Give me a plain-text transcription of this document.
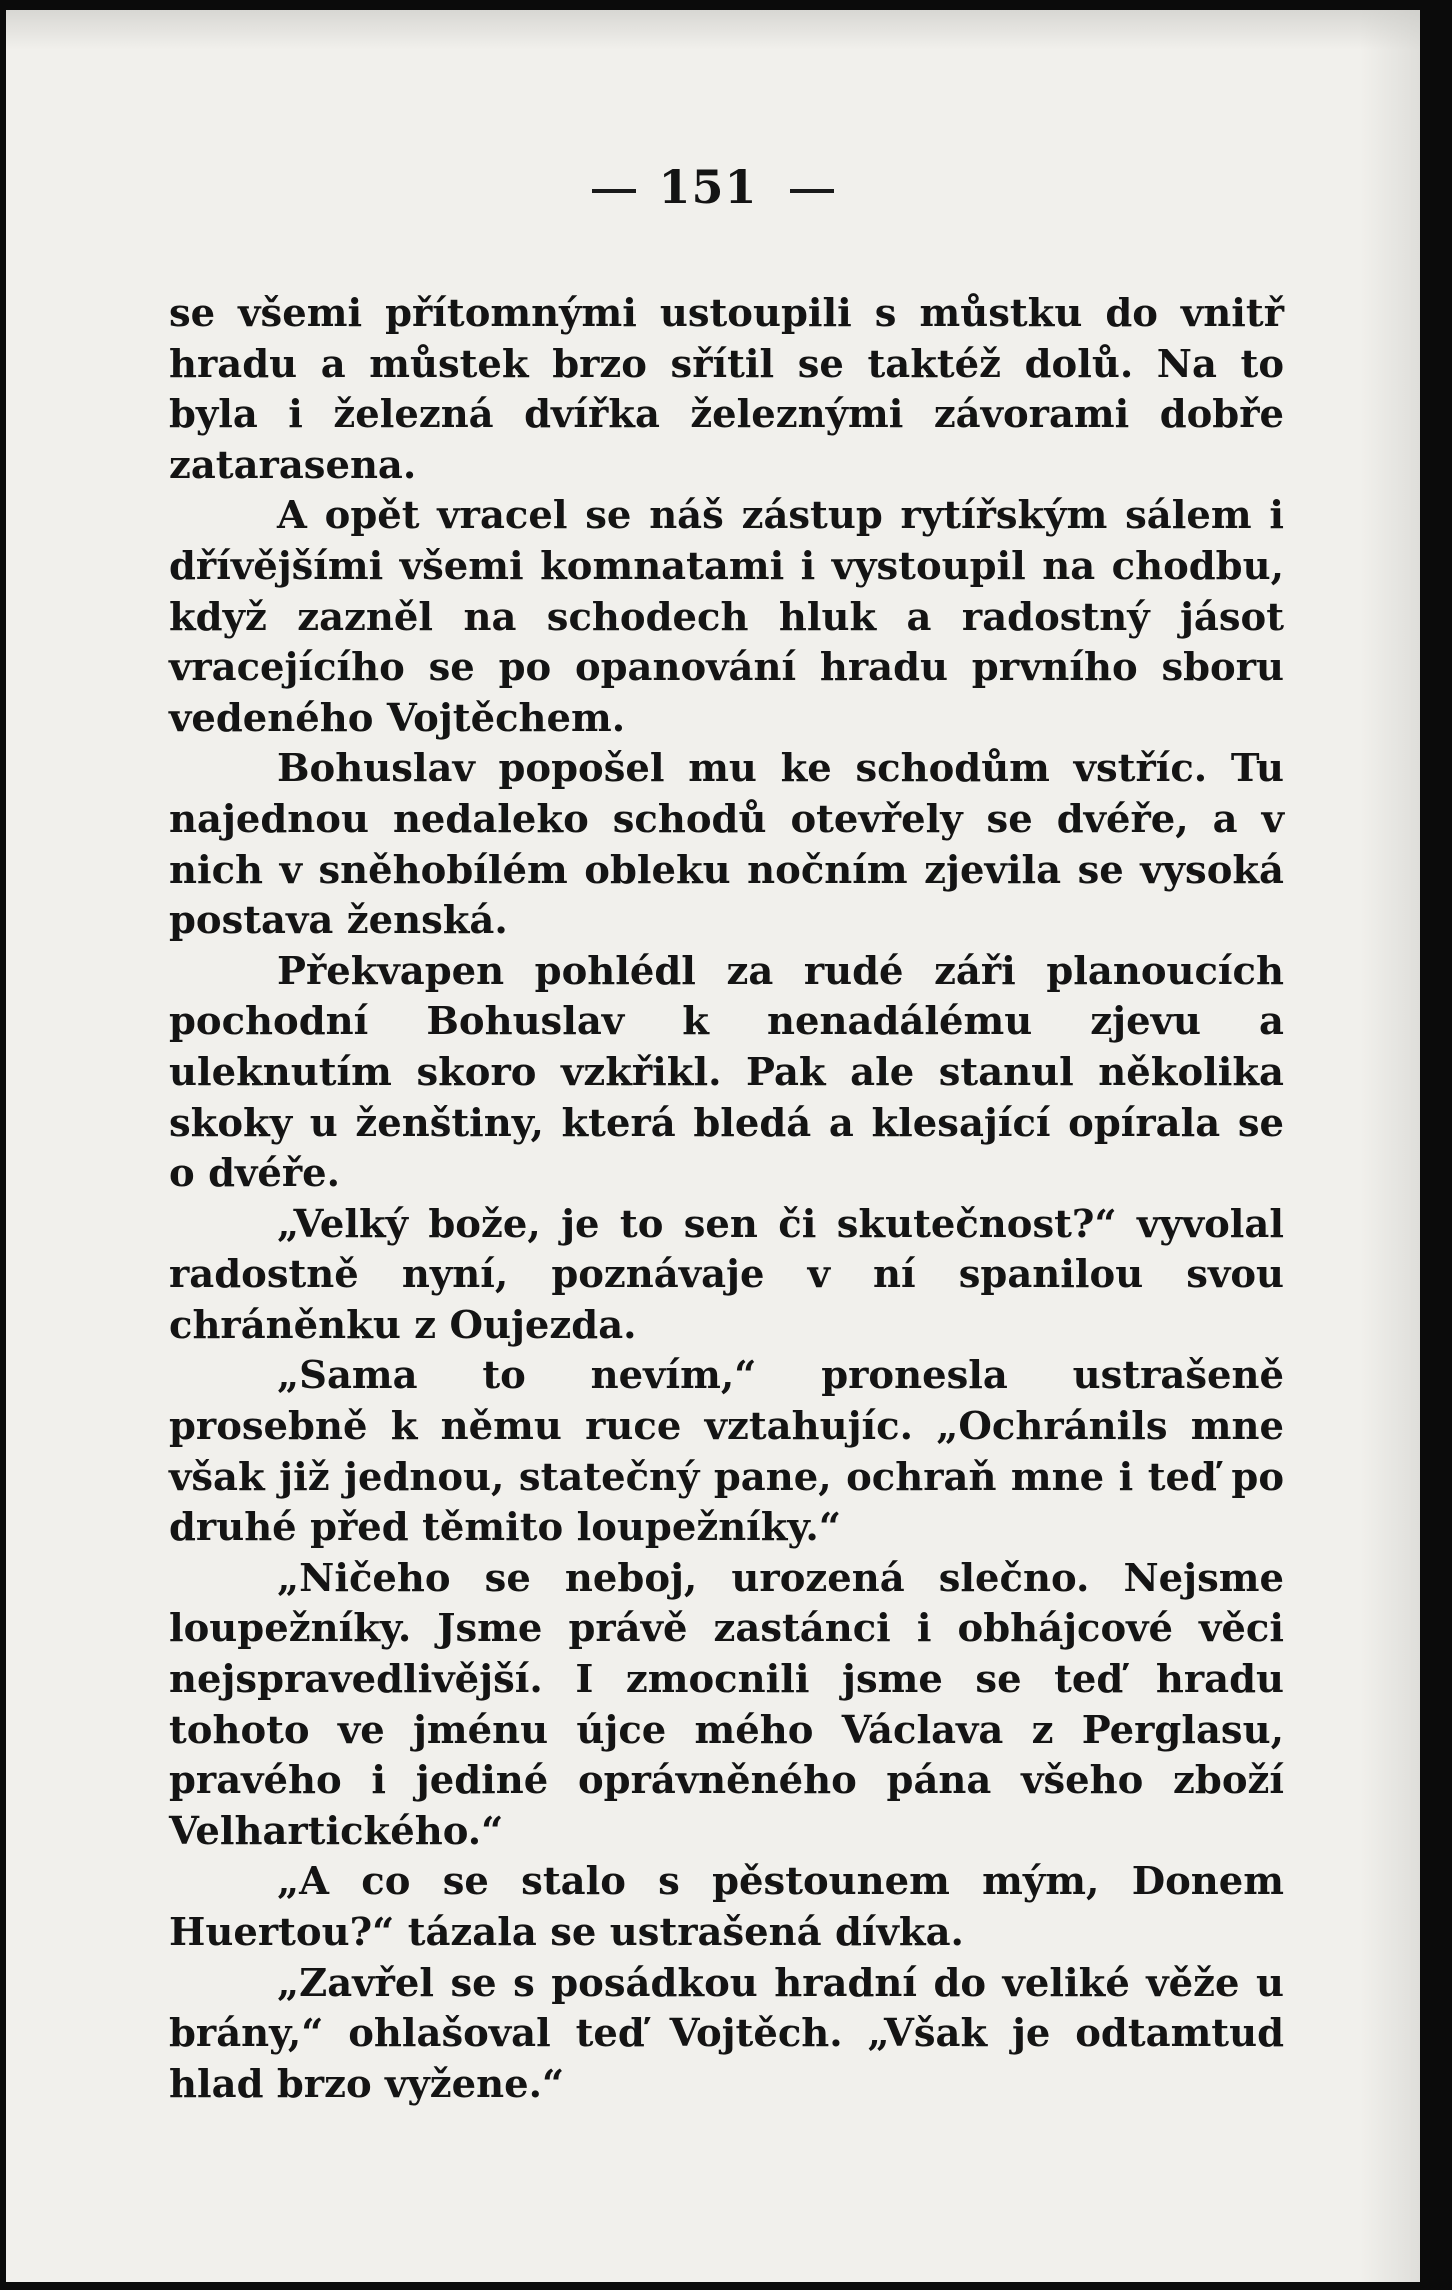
151

se všemi přítomnými ustoupili s můstku do vnitř hradu a můstek brzo sřítil se taktéž dolů. Na to byla i železná dvířka železnými závorami dobře zatarasena.

A opět vracel se náš zástup rytířským sálem i dřívějšími všemi komnatami i vystoupil na chodbu, když zazněl na schodech hluk a radostný jásot vracejícího se po opanování hradu prvního sboru vedeného Vojtěchem.

Bohuslav popošel mu ke schodům vstříc. Tu najednou nedaleko schodů otevřely se dvéře, a v nich v sněhobílém obleku nočním zjevila se vysoká postava ženská.

Překvapen pohlédl za rudé záři planoucích pochodní Bohuslav k nenadálému zjevu a uleknutím skoro vzkřikl. Pak ale stanul několika skoky u ženštiny, která bledá a klesající opírala se o dvéře.

„Velký bože, je to sen či skutečnost?“ vyvolal radostně nyní, poznávaje v ní spanilou svou chráněnku z Oujezda.

„Sama to nevím,“ pronesla ustrašeně prosebně k němu ruce vztahujíc. „Ochránils mne však již jednou, statečný pane, ochraň mne i teď po druhé před těmito loupežníky.“

„Ničeho se neboj, urozená slečno. Nejsme loupežníky. Jsme právě zastánci i obhájcové věci nejspravedlivější. I zmocnili jsme se teď hradu tohoto ve jménu újce mého Václava z Perglasu, pravého i jediné oprávněného pána všeho zboží Velhartického.“

„A co se stalo s pěstounem mým, Donem Huertou?“ tázala se ustrašená dívka.

„Zavřel se s posádkou hradní do veliké věže u brány,“ ohlašoval teď Vojtěch. „Však je odtamtud hlad brzo vyžene.“
